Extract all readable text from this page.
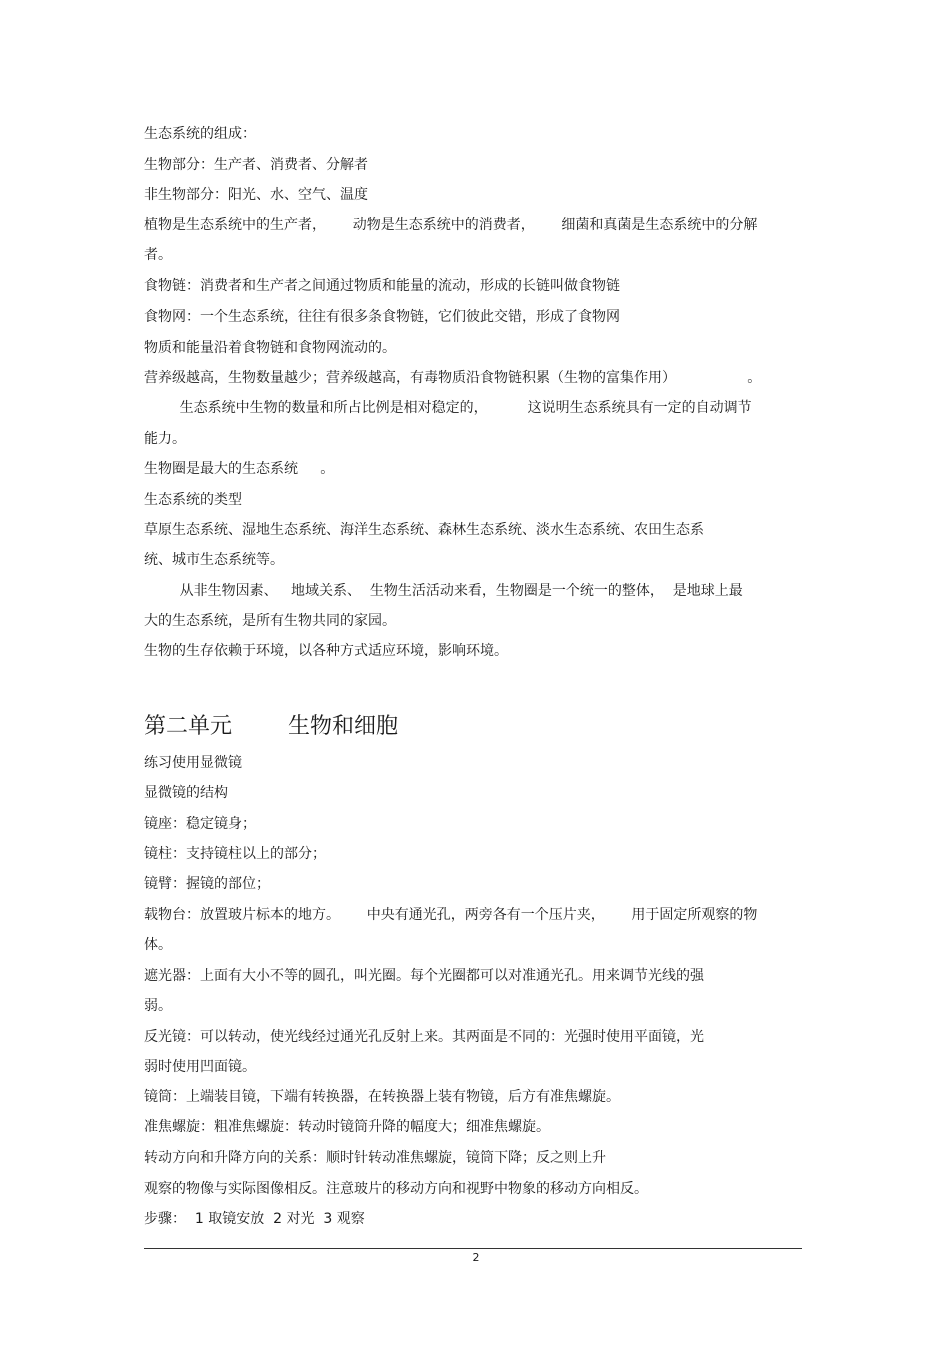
生态系统的组成：
生物部分：生产者、消费者、分解者
非生物部分：阳光、水、空气、温度
植物是生态系统中的生产者，      动物是生态系统中的消费者，      细菌和真菌是生态系统中的分解
者。
食物链：消费者和生产者之间通过物质和能量的流动，形成的长链叫做食物链
食物网：一个生态系统，往往有很多条食物链，它们彼此交错，形成了食物网
物质和能量沿着食物链和食物网流动的。
营养级越高，生物数量越少；营养级越高，有毒物质沿食物链积累（生物的富集作用）                。
生态系统中生物的数量和所占比例是相对稳定的，         这说明生态系统具有一定的自动调节
能力。
生物圈是最大的生态系统     。
生态系统的类型
草原生态系统、湿地生态系统、海洋生态系统、森林生态系统、淡水生态系统、农田生态系
统、城市生态系统等。
从非生物因素、   地域关系、  生物生活活动来看，生物圈是一个统一的整体，  是地球上最
大的生态系统，是所有生物共同的家园。
生物的生存依赖于环境，以各种方式适应环境，影响环境。
第二单元        生物和细胞
练习使用显微镜
显微镜的结构
镜座：稳定镜身；
镜柱：支持镜柱以上的部分；
镜臂：握镜的部位；
载物台：放置玻片标本的地方。      中央有通光孔，两旁各有一个压片夹，      用于固定所观察的物
体。
遮光器：上面有大小不等的圆孔，叫光圈。每个光圈都可以对准通光孔。用来调节光线的强
弱。
反光镜：可以转动，使光线经过通光孔反射上来。其两面是不同的：光强时使用平面镜，光
弱时使用凹面镜。
镜筒：上端装目镜，下端有转换器，在转换器上装有物镜，后方有准焦螺旋。
准焦螺旋：粗准焦螺旋：转动时镜筒升降的幅度大；细准焦螺旋。
转动方向和升降方向的关系：顺时针转动准焦螺旋，镜筒下降；反之则上升
观察的物像与实际图像相反。注意玻片的移动方向和视野中物象的移动方向相反。
步骤：  1 取镜安放  2 对光  3 观察
2
